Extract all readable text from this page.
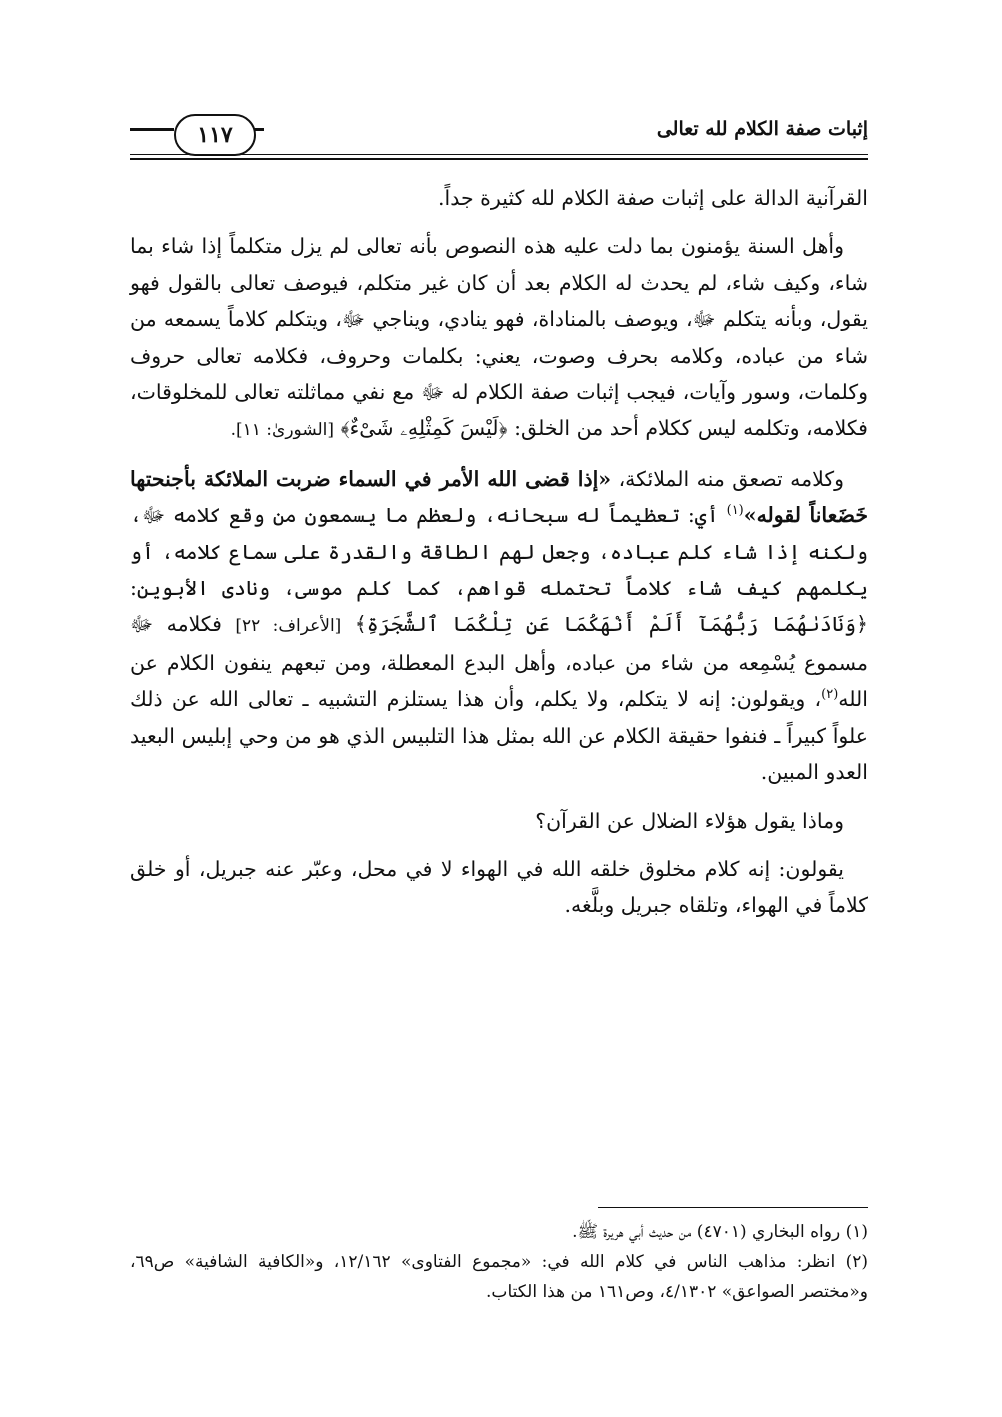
إثبات صفة الكلام لله تعالى
١١٧

القرآنية الدالة على إثبات صفة الكلام لله كثيرة جداً.

وأهل السنة يؤمنون بما دلت عليه هذه النصوص بأنه تعالى لم يزل متكلماً إذا شاء بما شاء، وكيف شاء، لم يحدث له الكلام بعد أن كان غير متكلم، فيوصف تعالى بالقول فهو يقول، وبأنه يتكلم ﷻ، ويوصف بالمناداة، فهو ينادي، ويناجي ﷻ، ويتكلم كلاماً يسمعه من شاء من عباده، وكلامه بحرف وصوت، يعني: بكلمات وحروف، فكلامه تعالى حروف وكلمات، وسور وآيات، فيجب إثبات صفة الكلام له ﷻ مع نفي مماثلته تعالى للمخلوقات، فكلامه، وتكلمه ليس ككلام أحد من الخلق: ﴿لَيْسَ كَمِثْلِهِۦ شَىْءٌ﴾ [الشورىٰ: ١١].

وكلامه تصعق منه الملائكة، «إذا قضى الله الأمر في السماء ضربت الملائكة بأجنحتها خَضَعاناً لقوله»$^{(١)}$ أي: تعظيماً له سبحانه، ولعظم ما يسمعون من وقع كلامه ﷻ، ولكنه إذا شاء كلم عباده، وجعل لهم الطاقة والقدرة على سماع كلامه، أو يكلمهم كيف شاء كلاماً تحتمله قواهم، كما كلم موسى، ونادى الأبوين: ﴿وَنَادَىٰهُمَا رَبُّهُمَآ أَلَمْ أَنْهَكُمَا عَن تِلْكُمَا ٱلشَّجَرَةِ﴾ [الأعراف: ٢٢] فكلامه ﷻ مسموع يُسْمِعه من شاء من عباده، وأهل البدع المعطلة، ومن تبعهم ينفون الكلام عن الله$^{(٢)}$، ويقولون: إنه لا يتكلم، ولا يكلم، وأن هذا يستلزم التشبيه ـ تعالى الله عن ذلك علواً كبيراً ـ فنفوا حقيقة الكلام عن الله بمثل هذا التلبيس الذي هو من وحي إبليس البعيد العدو المبين.

وماذا يقول هؤلاء الضلال عن القرآن؟

يقولون: إنه كلام مخلوق خلقه الله في الهواء لا في محل، وعبّر عنه جبريل، أو خلق كلاماً في الهواء، وتلقاه جبريل وبلَّغه.

(١) رواه البخاري (٤٧٠١) من حديث أبي هريرة ﷺ.

(٢) انظر: مذاهب الناس في كلام الله في: «مجموع الفتاوى» ١٢/١٦٢، و«الكافية الشافية» ص٦٩، و«مختصر الصواعق» ٤/١٣٠٢، وص١٦١ من هذا الكتاب.
